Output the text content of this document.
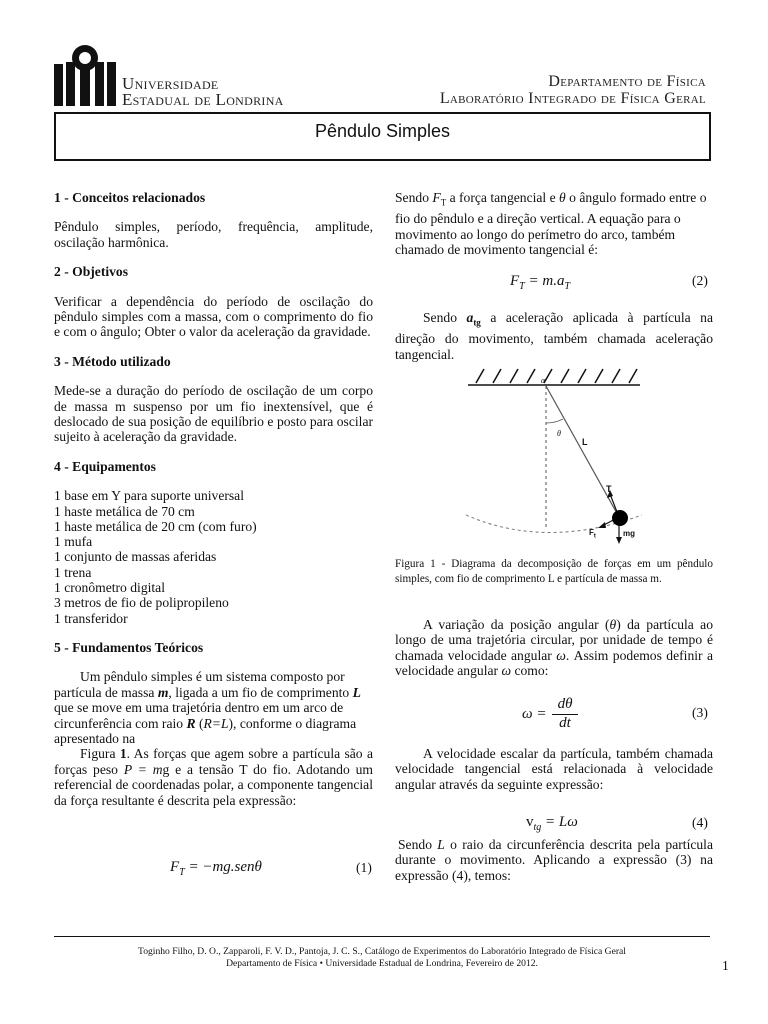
Universidade
Estadual de Londrina
Departamento de Física
Laboratório Integrado de Física Geral
Pêndulo Simples

1 - Conceitos relacionados

Pêndulo simples, período, frequência, amplitude, oscilação harmônica.

2 - Objetivos

Verificar a dependência do período de oscilação do pêndulo simples com a massa, com o comprimento do fio e com o ângulo; Obter o valor da aceleração da gravidade.

3 - Método utilizado

Mede-se a duração do período de oscilação de um corpo de massa m suspenso por um fio inextensível, que é deslocado de sua posição de equilíbrio e posto para oscilar sujeito à aceleração da gravidade.

4 - Equipamentos

1 base em Y para suporte universal
1 haste metálica de 70 cm
1 haste metálica de 20 cm (com furo)
1 mufa
1 conjunto de massas aferidas
1 trena
1 cronômetro digital
3 metros de fio de polipropileno
1 transferidor

5 - Fundamentos Teóricos

Um pêndulo simples é um sistema composto por partícula de massa m, ligada a um fio de comprimento L que se move em uma trajetória dentro em um arco de circunferência com raio R (R=L), conforme o diagrama apresentado na

Figura 1. As forças que agem sobre a partícula são a forças peso P = mg e a tensão T do fio. Adotando um referencial de coordenadas polar, a componente tangencial da força resultante é descrita pela expressão:

$F_T = -mg.sen\theta$	(1)

Sendo $F_T$ a força tangencial e θ o ângulo formado entre o fio do pêndulo e a direção vertical. A equação para o movimento ao longo do perímetro do arco, também chamado de movimento tangencial é:

$F_T = m.a_T$	(2)

Sendo $a_{tg}$ a aceleração aplicada à partícula na direção do movimento, também chamada aceleração tangencial.

α
θ
L
T
$F_t$	mg
Figura 1 - Diagrama da decomposição de forças em um pêndulo simples, com fio de comprimento L e partícula de massa m.

A variação da posição angular (θ) da partícula ao longo de uma trajetória circular, por unidade de tempo é chamada velocidade angular ω. Assim podemos definir a velocidade angular ω como:

ω =
dθ
dt
(3)

A velocidade escalar da partícula, também chamada velocidade tangencial está relacionada à velocidade angular através da seguinte expressão:

$v_{tg} = L\omega$	(4)

Sendo L o raio da circunferência descrita pela partícula durante o movimento. Aplicando a expressão (3) na expressão (4), temos:

Toginho Filho, D. O., Zapparoli, F. V. D., Pantoja, J. C. S., Catálogo de Experimentos do Laboratório Integrado de Física Geral
Departamento de Física • Universidade Estadual de Londrina, Fevereiro de 2012.	1
